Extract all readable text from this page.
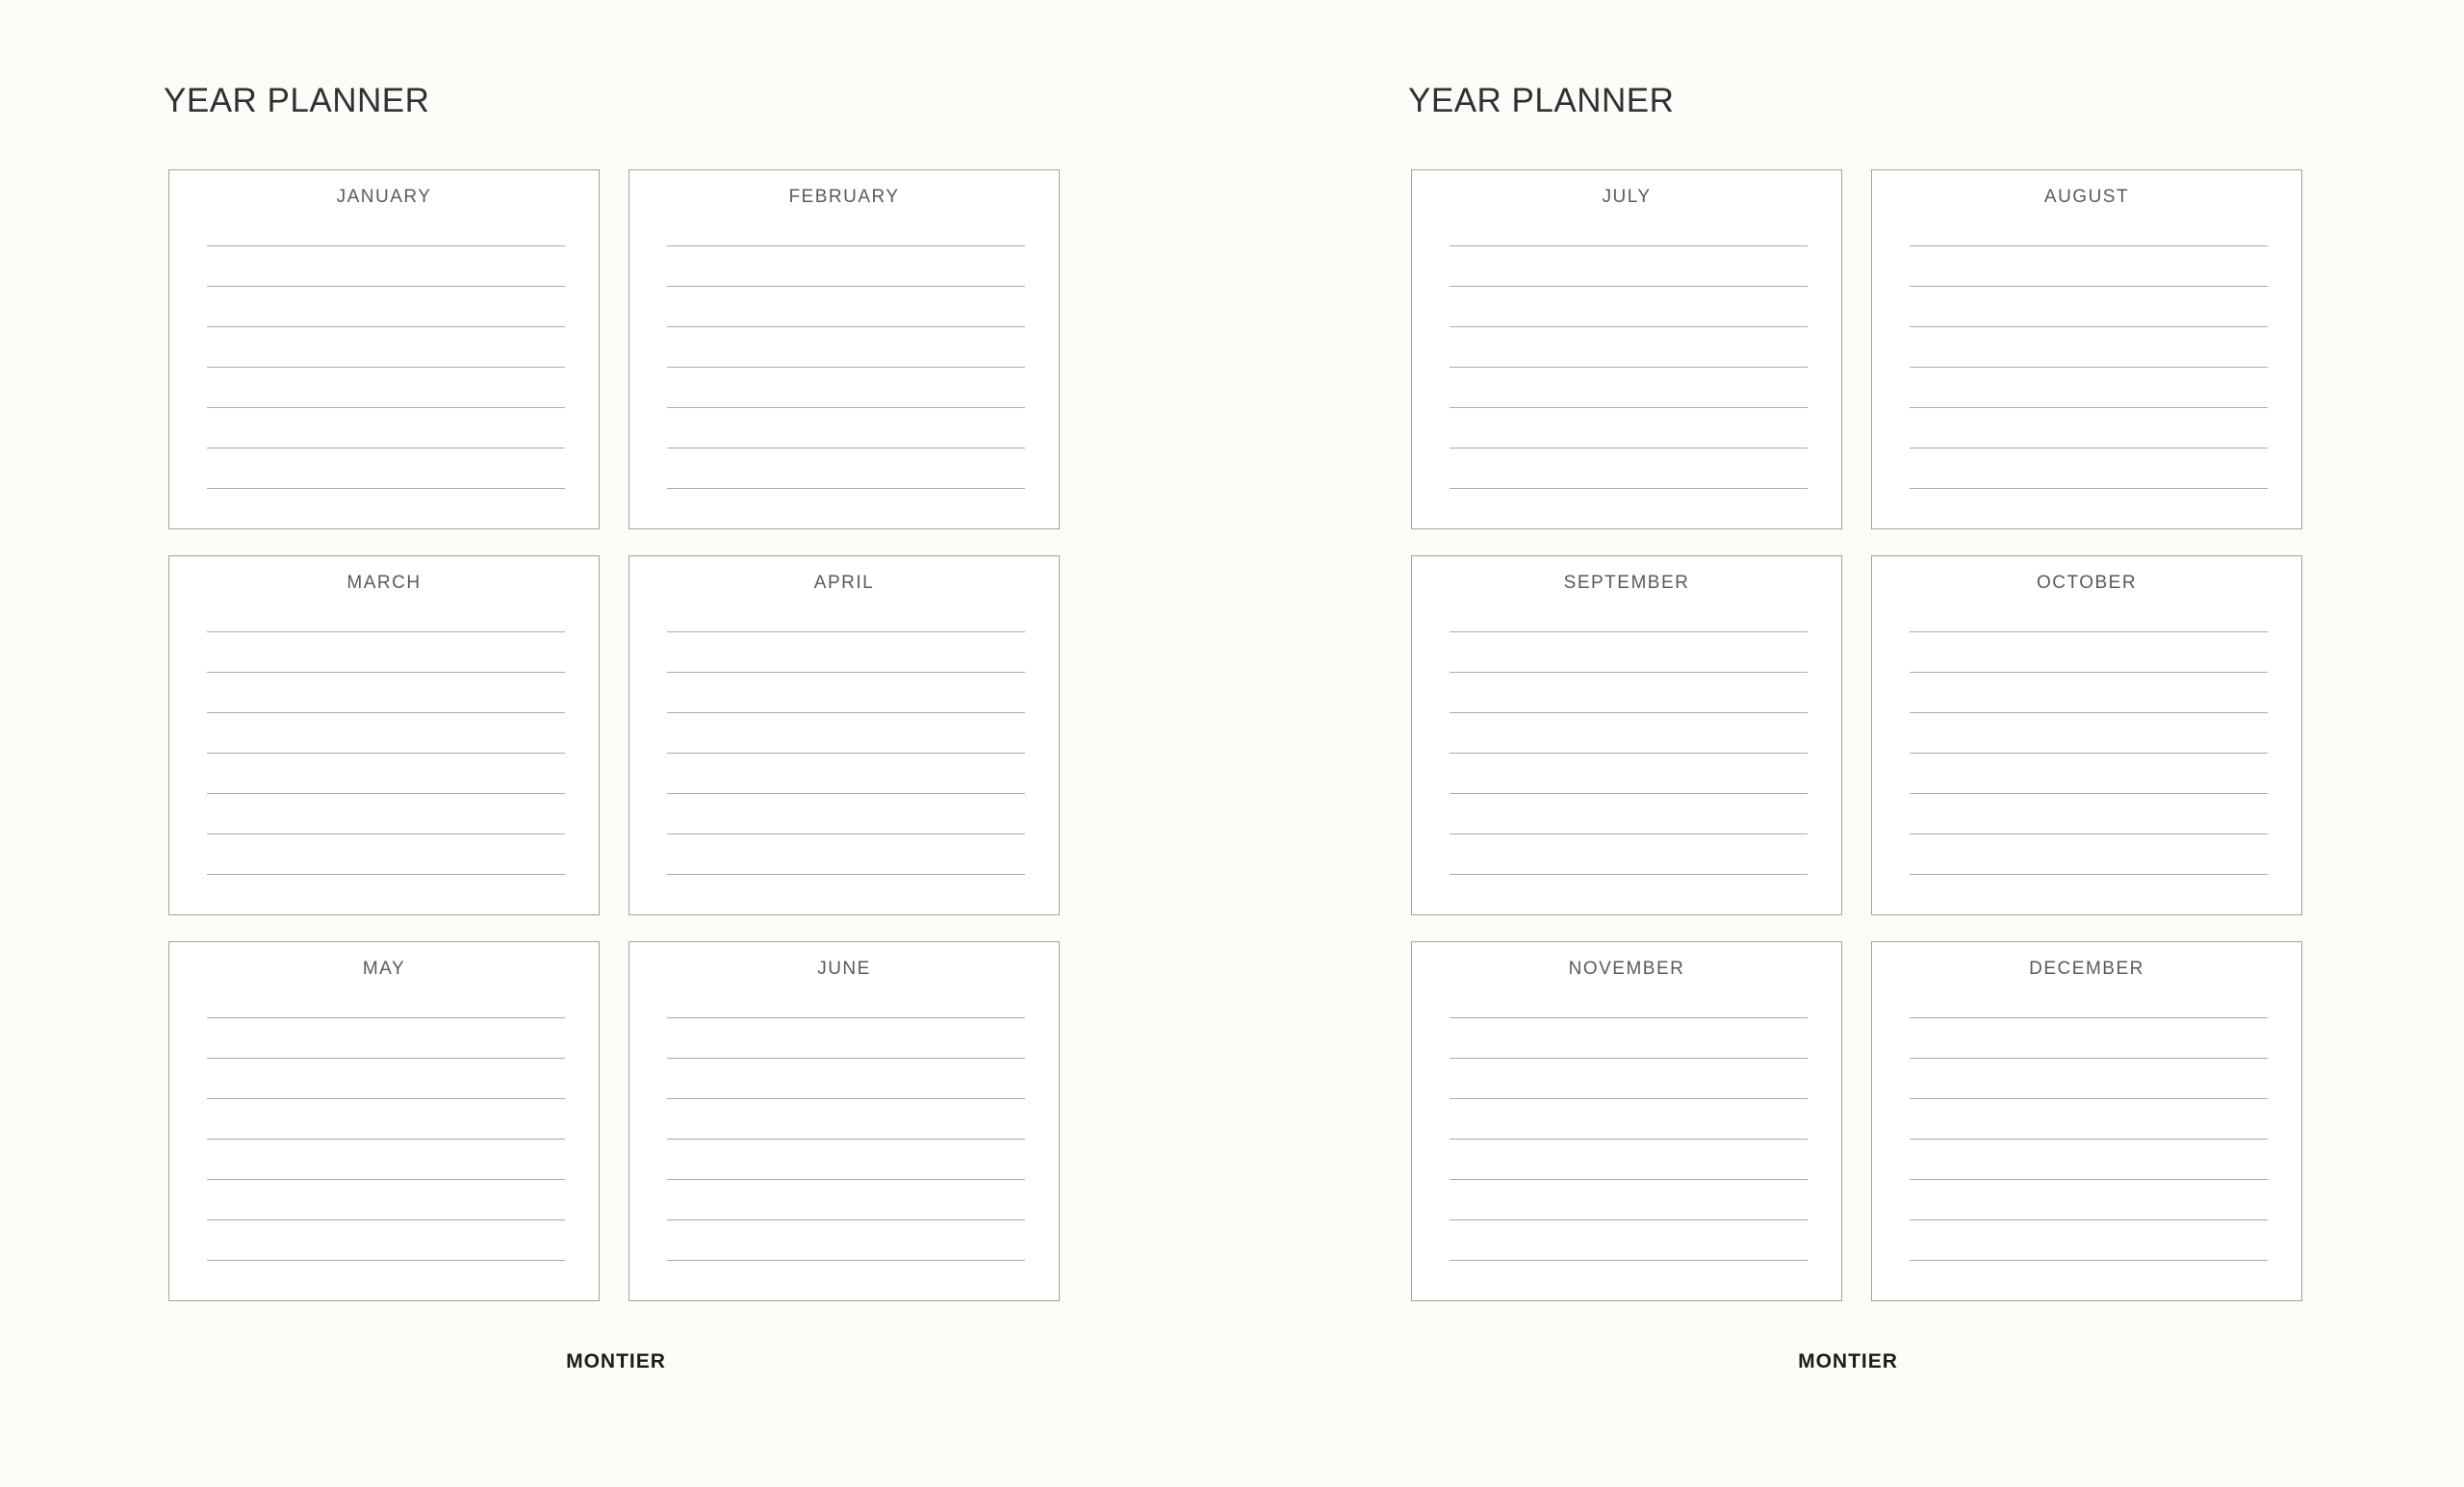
YEAR PLANNER
JANUARY	FEBRUARY
MARCH	APRIL
MAY	JUNE
MONTIER
YEAR PLANNER
JULY	AUGUST
SEPTEMBER	OCTOBER
NOVEMBER	DECEMBER
MONTIER
